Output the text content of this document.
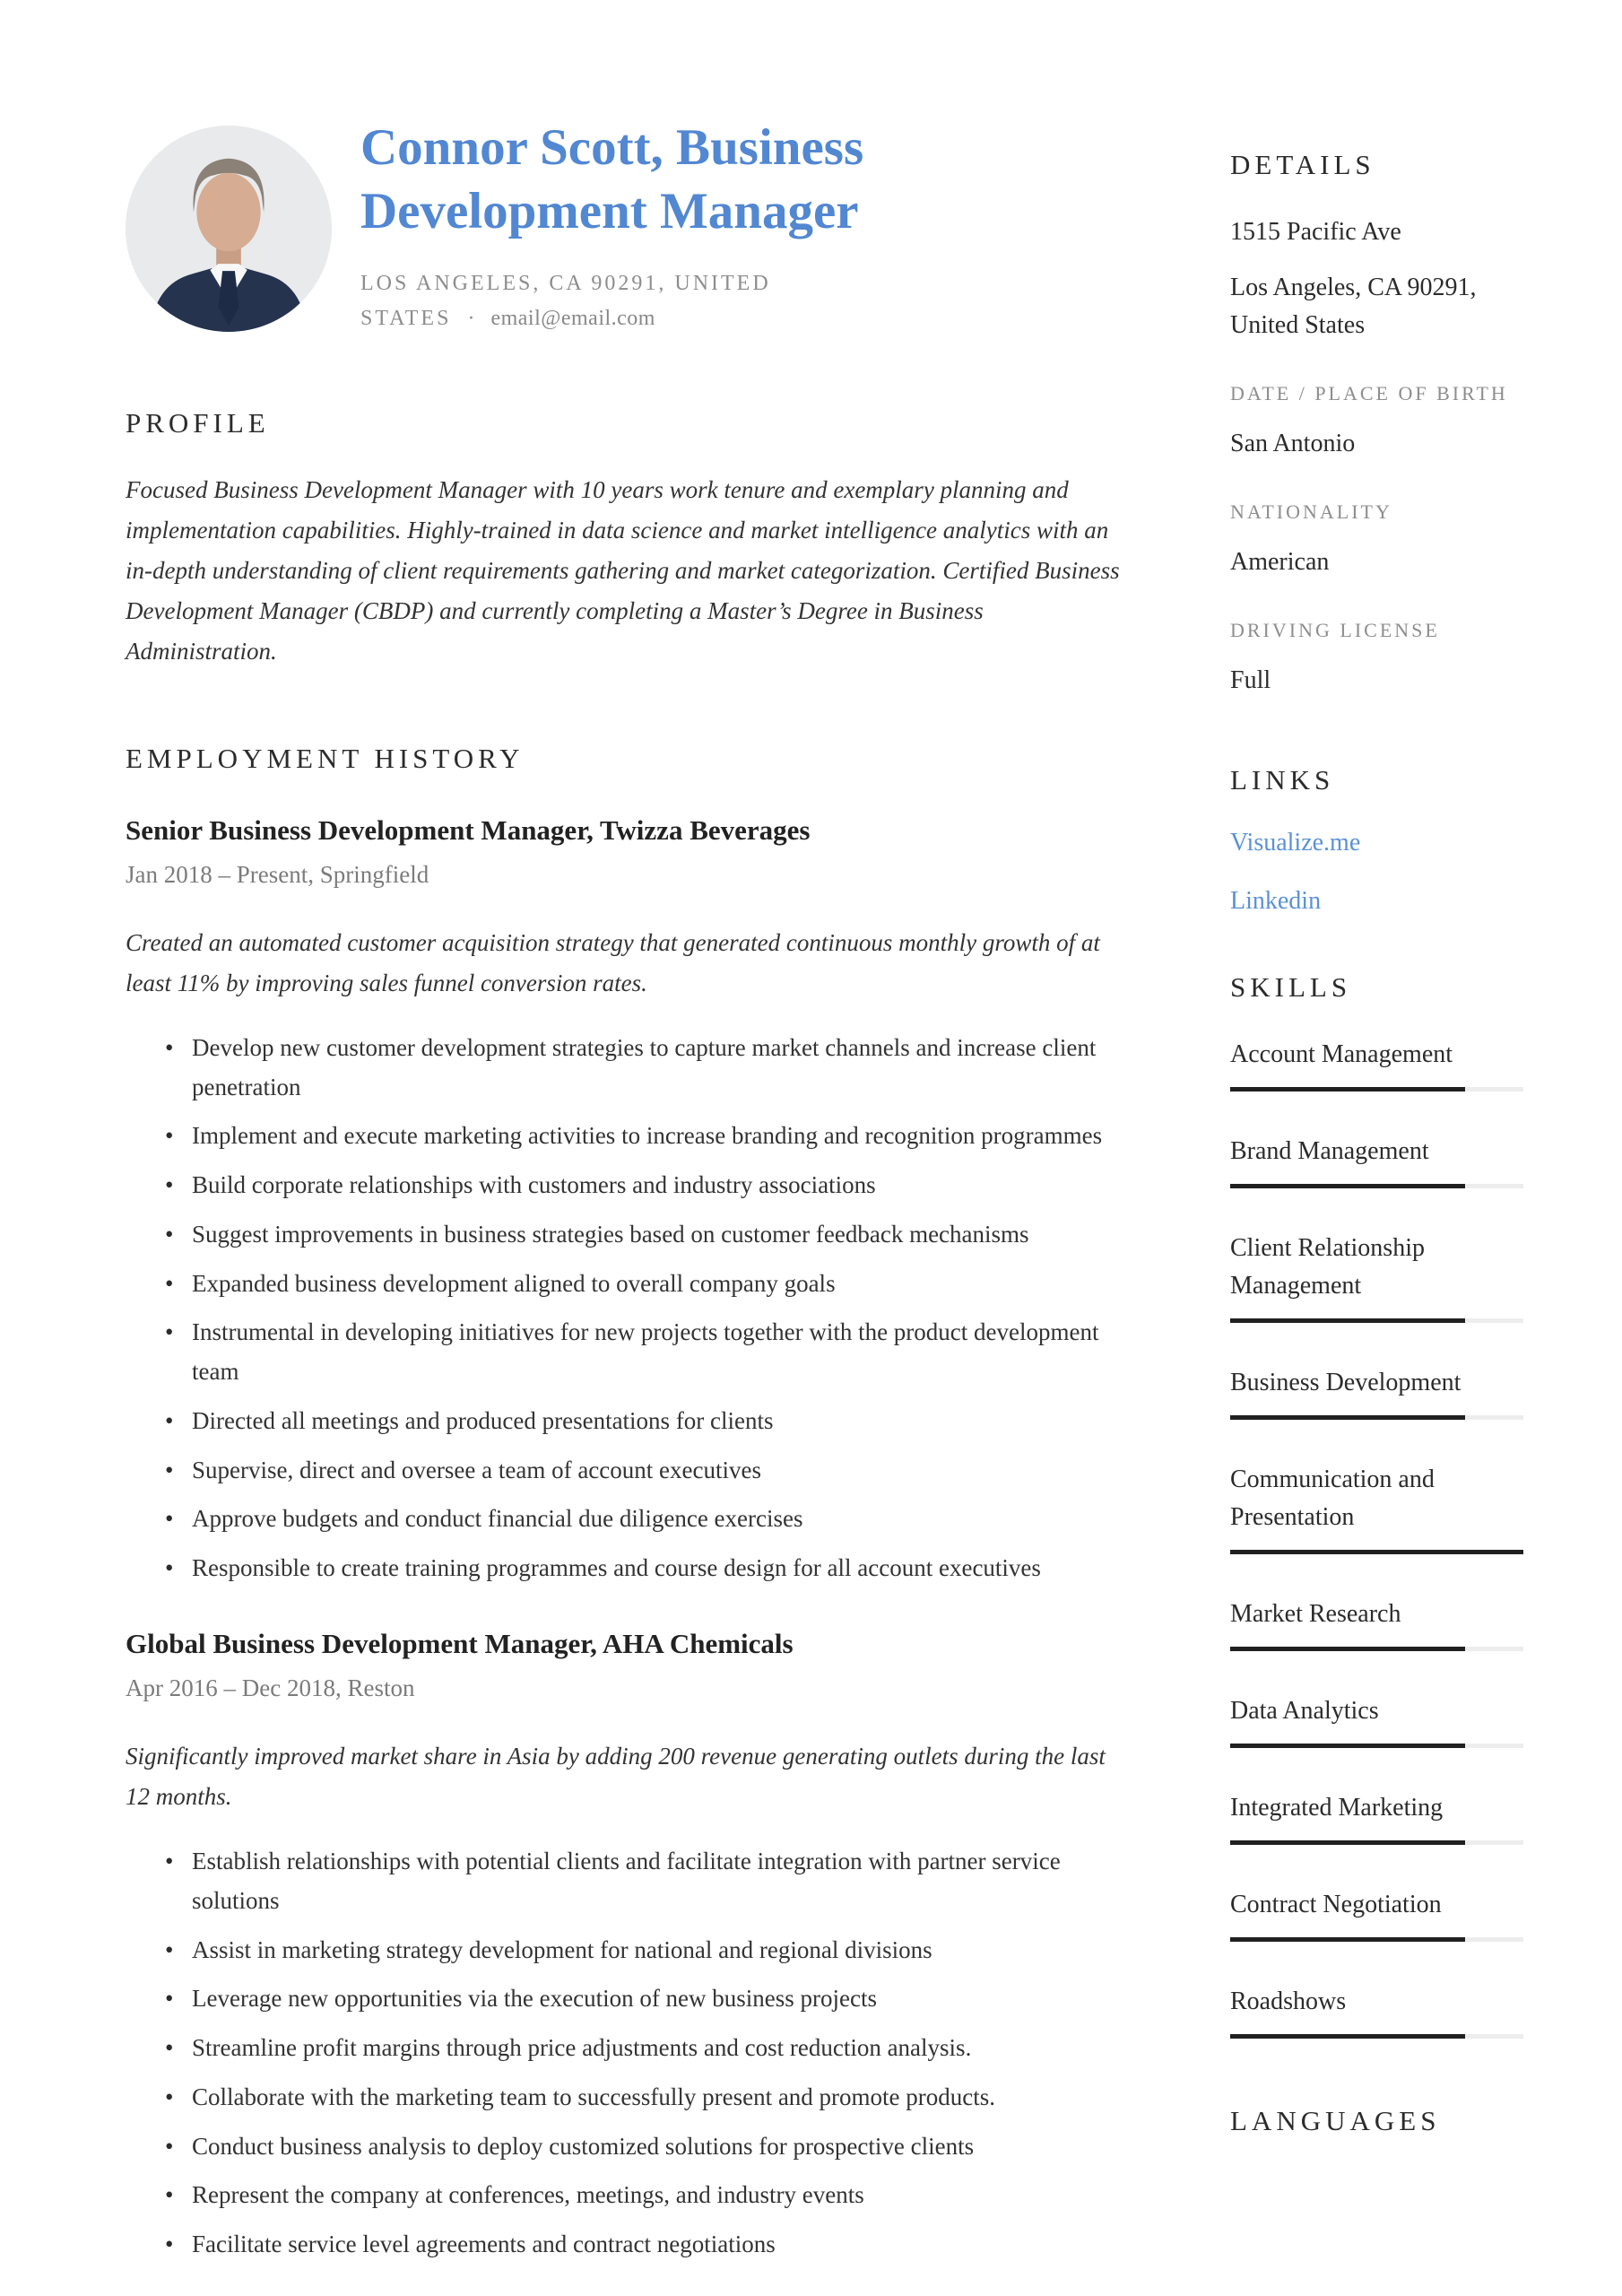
Connor Scott, Business Development Manager

LOS ANGELES, CA 90291, UNITED
STATES · email@email.com

PROFILE

Focused Business Development Manager with 10 years work tenure and exemplary planning and implementation capabilities. Highly-trained in data science and market intelligence analytics with an in-depth understanding of client requirements gathering and market categorization. Certified Business Development Manager (CBDP) and currently completing a Master’s Degree in Business Administration.

EMPLOYMENT HISTORY
Senior Business Development Manager, Twizza Beverages

Jan 2018 – Present, Springfield

Created an automated customer acquisition strategy that generated continuous monthly growth of at least 11% by improving sales funnel conversion rates.

• Develop new customer development strategies to capture market channels and increase client penetration
• Implement and execute marketing activities to increase branding and recognition programmes
• Build corporate relationships with customers and industry associations
• Suggest improvements in business strategies based on customer feedback mechanisms
• Expanded business development aligned to overall company goals
• Instrumental in developing initiatives for new projects together with the product development team
• Directed all meetings and produced presentations for clients
• Supervise, direct and oversee a team of account executives
• Approve budgets and conduct financial due diligence exercises
• Responsible to create training programmes and course design for all account executives
Global Business Development Manager, AHA Chemicals

Apr 2016 – Dec 2018, Reston

Significantly improved market share in Asia by adding 200 revenue generating outlets during the last 12 months.

• Establish relationships with potential clients and facilitate integration with partner service solutions
• Assist in marketing strategy development for national and regional divisions
• Leverage new opportunities via the execution of new business projects
• Streamline profit margins through price adjustments and cost reduction analysis.
• Collaborate with the marketing team to successfully present and promote products.
• Conduct business analysis to deploy customized solutions for prospective clients
• Represent the company at conferences, meetings, and industry events
• Facilitate service level agreements and contract negotiations
DETAILS

1515 Pacific Ave

Los Angeles, CA 90291, United States

DATE / PLACE OF BIRTH

San Antonio

NATIONALITY

American

DRIVING LICENSE

Full

LINKS
Visualize.me
Linkedin
SKILLS
Account Management
Brand Management
Client Relationship Management
Business Development
Communication and Presentation
Market Research
Data Analytics
Integrated Marketing
Contract Negotiation
Roadshows
LANGUAGES
